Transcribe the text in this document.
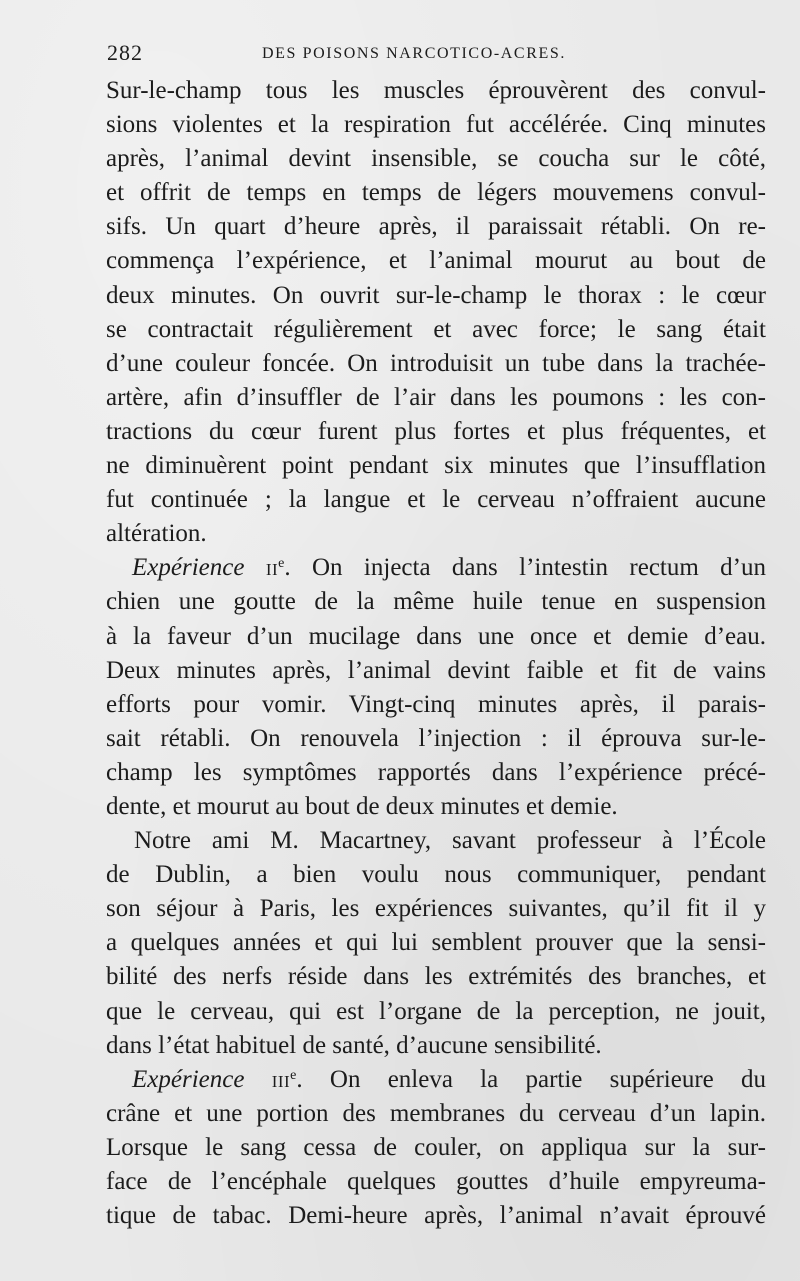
282	DES POISONS NARCOTICO-ACRES.
Sur-le-champ tous les muscles éprouvèrent des convul-
sions violentes et la respiration fut accélérée. Cinq minutes
après, l’animal devint insensible, se coucha sur le côté,
et offrit de temps en temps de légers mouvemens convul-
sifs. Un quart d’heure après, il paraissait rétabli. On re-
commença l’expérience, et l’animal mourut au bout de
deux minutes. On ouvrit sur-le-champ le thorax : le cœur
se contractait régulièrement et avec force; le sang était
d’une couleur foncée. On introduisit un tube dans la trachée-
artère, afin d’insuffler de l’air dans les poumons : les con-
tractions du cœur furent plus fortes et plus fréquentes, et
ne diminuèrent point pendant six minutes que l’insufflation
fut continuée ; la langue et le cerveau n’offraient aucune
altération.
Expérience IIe. On injecta dans l’intestin rectum d’un
chien une goutte de la même huile tenue en suspension
à la faveur d’un mucilage dans une once et demie d’eau.
Deux minutes après, l’animal devint faible et fit de vains
efforts pour vomir. Vingt-cinq minutes après, il parais-
sait rétabli. On renouvela l’injection : il éprouva sur-le-
champ les symptômes rapportés dans l’expérience précé-
dente, et mourut au bout de deux minutes et demie.
Notre ami M. Macartney, savant professeur à l’École
de Dublin, a bien voulu nous communiquer, pendant
son séjour à Paris, les expériences suivantes, qu’il fit il y
a quelques années et qui lui semblent prouver que la sensi-
bilité des nerfs réside dans les extrémités des branches, et
que le cerveau, qui est l’organe de la perception, ne jouit,
dans l’état habituel de santé, d’aucune sensibilité.
Expérience IIIe. On enleva la partie supérieure du
crâne et une portion des membranes du cerveau d’un lapin.
Lorsque le sang cessa de couler, on appliqua sur la sur-
face de l’encéphale quelques gouttes d’huile empyreuma-
tique de tabac. Demi-heure après, l’animal n’avait éprouvé
